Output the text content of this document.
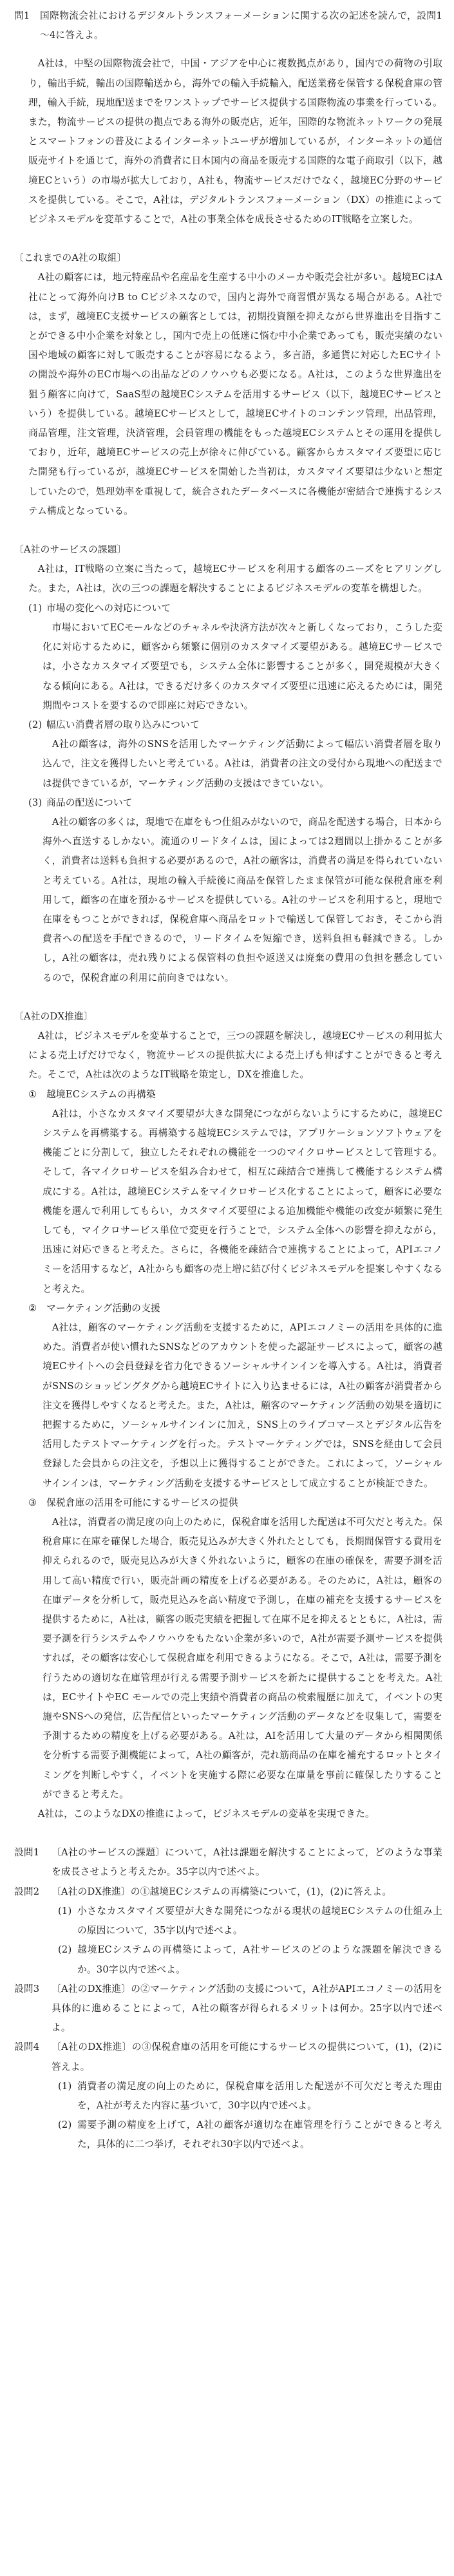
問1	国際物流会社におけるデジタルトランスフォーメーションに関する次の記述を読んで，設問1～4に答えよ。

A社は，中堅の国際物流会社で，中国・アジアを中心に複数拠点があり，国内での荷物の引取り，輸出手続，輸出の国際輸送から，海外での輸入手続輸入，配送業務を保管する保税倉庫の管理，輸入手続，現地配送までをワンストップでサービス提供する国際物流の事業を行っている。また，物流サービスの提供の拠点である海外の販売店，近年，国際的な物流ネットワークの発展とスマートフォンの普及によるインターネットユーザが増加しているが，インターネットの通信販売サイトを通じて，海外の消費者に日本国内の商品を販売する国際的な電子商取引（以下，越境ECという）の市場が拡大しており，A社も，物流サービスだけでなく，越境EC分野のサービスを提供している。そこで，A社は，デジタルトランスフォーメーション（DX）の推進によってビジネスモデルを変革することで，A社の事業全体を成長させるためのIT戦略を立案した。

〔これまでのA社の取組〕

A社の顧客には，地元特産品や名産品を生産する中小のメーカや販売会社が多い。越境ECはA社にとって海外向けB to Cビジネスなので，国内と海外で商習慣が異なる場合がある。A社では，まず，越境EC支援サービスの顧客としては，初期投資額を抑えながら世界進出を目指すことができる中小企業を対象とし，国内で売上の低迷に悩む中小企業であっても，販売実績のない国や地域の顧客に対して販売することが容易になるよう，多言語，多通貨に対応したECサイトの開設や海外のEC市場への出品などのノウハウも必要になる。A社は，このような世界進出を狙う顧客に向けて，SaaS型の越境ECシステムを活用するサービス（以下，越境ECサービスという）を提供している。越境ECサービスとして，越境ECサイトのコンテンツ管理，出品管理，商品管理，注文管理，決済管理，会員管理の機能をもった越境ECシステムとその運用を提供しており，近年，越境ECサービスの売上が徐々に伸びている。顧客からカスタマイズ要望に応じた開発も行っているが，越境ECサービスを開始した当初は，カスタマイズ要望は少ないと想定していたので，処理効率を重視して，統合されたデータベースに各機能が密結合で連携するシステム構成となっている。

〔A社のサービスの課題〕

A社は，IT戦略の立案に当たって，越境ECサービスを利用する顧客のニーズをヒアリングした。また，A社は，次の三つの課題を解決することによるビジネスモデルの変革を構想した。

(1) 市場の変化への対応について

市場においてECモールなどのチャネルや決済方法が次々と新しくなっており，こうした変化に対応するために，顧客から頻繁に個別のカスタマイズ要望がある。越境ECサービスでは，小さなカスタマイズ要望でも，システム全体に影響することが多く，開発規模が大きくなる傾向にある。A社は，できるだけ多くのカスタマイズ要望に迅速に応えるためには，開発期間やコストを要するので即座に対応できない。

(2) 幅広い消費者層の取り込みについて

A社の顧客は，海外のSNSを活用したマーケティング活動によって幅広い消費者層を取り込んで，注文を獲得したいと考えている。A社は，消費者の注文の受付から現地への配送までは提供できているが，マーケティング活動の支援はできていない。

(3) 商品の配送について

A社の顧客の多くは，現地で在庫をもつ仕組みがないので，商品を配送する場合，日本から海外へ直送するしかない。流通のリードタイムは，国によっては2週間以上掛かることが多く，消費者は送料も負担する必要があるので，A社の顧客は，消費者の満足を得られていないと考えている。A社は，現地の輸入手続後に商品を保管したまま保管が可能な保税倉庫を利用して，顧客の在庫を預かるサービスを提供している。A社のサービスを利用すると，現地で在庫をもつことができれば，保税倉庫へ商品をロットで輸送して保管しておき，そこから消費者への配送を手配できるので，リードタイムを短縮でき，送料負担も軽減できる。しかし，A社の顧客は，売れ残りによる保管料の負担や返送又は廃棄の費用の負担を懸念しているので，保税倉庫の利用に前向きではない。

〔A社のDX推進〕

A社は，ビジネスモデルを変革することで，三つの課題を解決し，越境ECサービスの利用拡大による売上げだけでなく，物流サービスの提供拡大による売上げも伸ばすことができると考えた。そこで，A社は次のようなIT戦略を策定し，DXを推進した。

① 越境ECシステムの再構築

A社は，小さなカスタマイズ要望が大きな開発につながらないようにするために，越境ECシステムを再構築する。再構築する越境ECシステムでは，アプリケーションソフトウェアを機能ごとに分割して，独立したそれぞれの機能を一つのマイクロサービスとして管理する。そして，各マイクロサービスを組み合わせて，相互に疎結合で連携して機能するシステム構成にする。A社は，越境ECシステムをマイクロサービス化することによって，顧客に必要な機能を選んで利用してもらい，カスタマイズ要望による追加機能や機能の改変が頻繁に発生しても，マイクロサービス単位で変更を行うことで，システム全体への影響を抑えながら，迅速に対応できると考えた。さらに，各機能を疎結合で連携することによって，APIエコノミーを活用するなど，A社からも顧客の売上増に結び付くビジネスモデルを提案しやすくなると考えた。

② マーケティング活動の支援

A社は，顧客のマーケティング活動を支援するために，APIエコノミーの活用を具体的に進めた。消費者が使い慣れたSNSなどのアカウントを使った認証サービスによって，顧客の越境ECサイトへの会員登録を省力化できるソーシャルサインインを導入する。A社は，消費者がSNSのショッピングタグから越境ECサイトに入り込ませるには，A社の顧客が消費者から注文を獲得しやすくなると考えた。また，A社は，顧客のマーケティング活動の効果を適切に把握するために，ソーシャルサインインに加え，SNS上のライブコマースとデジタル広告を活用したテストマーケティングを行った。テストマーケティングでは，SNSを経由して会員登録した会員からの注文を，予想以上に獲得することができた。これによって，ソーシャルサインインは，マーケティング活動を支援するサービスとして成立することが検証できた。

③ 保税倉庫の活用を可能にするサービスの提供

A社は，消費者の満足度の向上のために，保税倉庫を活用した配送は不可欠だと考えた。保税倉庫に在庫を確保した場合，販売見込みが大きく外れたとしても，長期間保管する費用を抑えられるので，販売見込みが大きく外れないように，顧客の在庫の確保を，需要予測を活用して高い精度で行い，販売計画の精度を上げる必要がある。そのために，A社は，顧客の在庫データを分析して，販売見込みを高い精度で予測し，在庫の補充を支援するサービスを提供するために，A社は，顧客の販売実績を把握して在庫不足を抑えるとともに，A社は，需要予測を行うシステムやノウハウをもたない企業が多いので，A社が需要予測サービスを提供すれば，その顧客は安心して保税倉庫を利用できるようになる。そこで，A社は，需要予測を行うための適切な在庫管理が行える需要予測サービスを新たに提供することを考えた。A社は，ECサイトやEC モールでの売上実績や消費者の商品の検索履歴に加えて，イベントの実施やSNSへの発信，広告配信といったマーケティング活動のデータなどを収集して，需要を予測するための精度を上げる必要がある。A社は，AIを活用して大量のデータから相関関係を分析する需要予測機能によって，A社の顧客が，売れ筋商品の在庫を補充するロットとタイミングを判断しやすく，イベントを実施する際に必要な在庫量を事前に確保したりすることができると考えた。

A社は，このようなDXの推進によって，ビジネスモデルの変革を実現できた。

設問1	〔A社のサービスの課題〕について，A社は課題を解決することによって，どのような事業を成長させようと考えたか。35字以内で述べよ。

設問2	〔A社のDX推進〕の①越境ECシステムの再構築について，(1)，(2)に答えよ。

(1) 小さなカスタマイズ要望が大きな開発につながる現状の越境ECシステムの仕組み上の原因について，35字以内で述べよ。

(2) 越境ECシステムの再構築によって，A社サービスのどのような課題を解決できるか。30字以内で述べよ。

設問3	〔A社のDX推進〕の②マーケティング活動の支援について，A社がAPIエコノミーの活用を具体的に進めることによって，A社の顧客が得られるメリットは何か。25字以内で述べよ。

設問4	〔A社のDX推進〕の③保税倉庫の活用を可能にするサービスの提供について，(1)，(2)に答えよ。

(1) 消費者の満足度の向上のために，保税倉庫を活用した配送が不可欠だと考えた理由を，A社が考えた内容に基づいて，30字以内で述べよ。

(2) 需要予測の精度を上げて，A社の顧客が適切な在庫管理を行うことができると考えた，具体的に二つ挙げ，それぞれ30字以内で述べよ。
